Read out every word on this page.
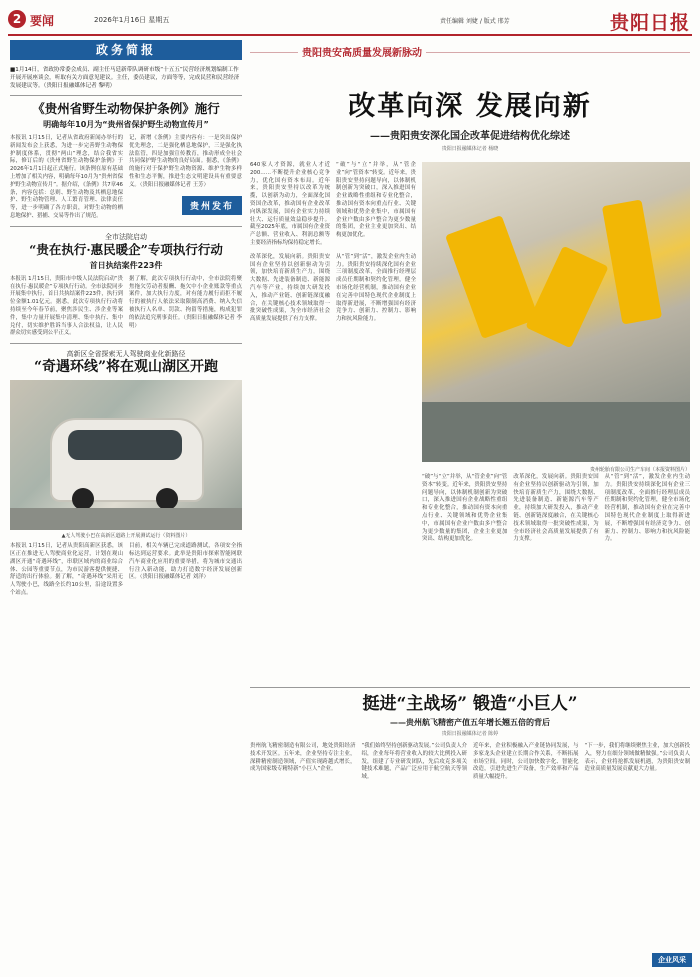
2 要闻	2026年1月16日 星期五	责任编辑 刘婕 / 版式 邢芳	贵阳日报
政务简报
■1月14日，省政协常委会成员、副主任马廷新带队调研市级“十五五”民营经济规划编制工作开展开展座谈会，听取有关方面意见建议。主任，委员建议，方面等等，完成民营和民营经济发展建议等。（贵阳日报融媒体记者 黎明）
《贵州省野生动物保护条例》施行
明确每年10月为“贵州省保护野生动物宣传月”
本报讯 1月15日，记者从省政府新闻办举行的新闻发布会上获悉，为进一步完善野生动物保护制度体系，贯彻“两山”理念，结合我省实际，修订后的《贵州省野生动物保护条例》于2026年1月1日起正式施行。该条例在原有基础上增加了相关内容，明确每年10月为“贵州省保护野生动物宣传月”。据介绍，《条例》共7章46条，内容包括：总则、野生动物及其栖息地保护、野生动物管理、人工繁育管理、法律责任等，进一步明确了各方职责，对野生动物的栖息地保护、猎捕、交易等作出了规范。
记，新增《条例》主要内容有：一是突出保护优先理念，二是强化栖息地保护，三是强化执法监管，四是加强宣传教育，推动形成全社会共同保护野生动物的良好局面。据悉，《条例》的施行对于保护野生动物资源、维护生物多样性和生态平衡，推进生态文明建设具有重要意义。（贵阳日报融媒体记者 王芳）
贵州发布
全市法院启动
“贵在执行·惠民暖企”专项执行行动
首日执结案件223件
本报讯 1月15日，贵阳市中级人民法院启动“贵在执行·惠民暖企”专项执行行动。全市法院同步开展集中执行，首日共执结案件223件，执行到位金额1.01亿元。据悉，此次专项执行行动将持续至今年春节前，聚焦涉民生、涉企业等案件，集中力量开展集中清理、集中执行、集中兑付，切实维护胜诉当事人合法权益，让人民群众切实感受到公平正义。
据了解，此次专项执行行动中，全市法院将聚焦拖欠劳动者报酬、拖欠中小企业账款等重点案件，加大执行力度，对有能力履行而拒不履行的被执行人依法采取限制高消费、纳入失信被执行人名单、罚款、拘留等措施，构成犯罪的依法追究刑事责任。（贵阳日报融媒体记者 李明）
高新区全省探索无人驾驶商业化新路径
“奇遇环线”将在观山湖区开跑
▲无人驾驶小巴在高新区道路上开展测试运行（资料图片）
本报讯 1月15日，记者从贵阳高新区获悉，该区正在推进无人驾驶商业化运营，计划在观山湖区开通“奇遇环线”，串联区域内的商业综合体、公园等重要节点，为市民游客提供便捷、舒适的出行体验。据了解，“奇遇环线”采用无人驾驶小巴，线路全长约10公里，沿途设置多个站点。
目前，相关车辆已完成道路测试，各项安全指标达到运营要求。此举是贵阳市探索智能网联汽车商业化应用的重要举措，将为城市交通出行注入新动能，助力打造数字经济发展创新区。（贵阳日报融媒体记者 刘洋）
贵阳贵安高质量发展新脉动
改革向深 发展向新
——贵阳贵安深化国企改革促进结构优化综述
贵阳日报融媒体记者 杨晓
640家人才资源，就业人才近200……不断提升企业核心竞争力，优化国有资本布局。近年来，贵阳贵安坚持以改革为统揽，以创新为动力，全面深化国资国企改革，推动国有企业改革向纵深发展，国有企业实力持续壮大、运行质量效益稳步提升。截至2025年底，市属国有企业资产总额、营业收入、利润总额等主要经济指标均保持稳定增长。
“破”与“立”并举，从“管企业”向“管资本”转变。近年来，贵阳贵安坚持问题导向，以体制机制创新为突破口，深入推进国有企业战略性重组和专业化整合，推动国有资本向重点行业、关键领域和优势企业集中，市属国有企业户数由多户整合为更少数量的集团，企业主业更加突出、结构更加优化。
改革深化，发展向新。贵阳贵安国有企业坚持以创新驱动为引领，加快培育新质生产力，围绕大数据、先进装备制造、新能源汽车等产业，持续加大研发投入，推动产业链、创新链深度融合，在关键核心技术领域取得一批突破性成果，为全市经济社会高质量发展提供了有力支撑。
从“管”到“活”，激发企业内生动力。贵阳贵安持续深化国有企业三项制度改革，全面推行经理层成员任期制和契约化管理，健全市场化经营机制，推动国有企业在完善中国特色现代企业制度上取得新进展，不断增强国有经济竞争力、创新力、控制力、影响力和抗风险能力。
贵州轮胎有限公司生产车间（本报资料图片）
“破”与“立”并举，从“管企业”向“管资本”转变。近年来，贵阳贵安坚持问题导向，以体制机制创新为突破口，深入推进国有企业战略性重组和专业化整合，推动国有资本向重点行业、关键领域和优势企业集中，市属国有企业户数由多户整合为更少数量的集团，企业主业更加突出、结构更加优化。
改革深化，发展向新。贵阳贵安国有企业坚持以创新驱动为引领，加快培育新质生产力，围绕大数据、先进装备制造、新能源汽车等产业，持续加大研发投入，推动产业链、创新链深度融合，在关键核心技术领域取得一批突破性成果，为全市经济社会高质量发展提供了有力支撑。
从“管”到“活”，激发企业内生动力。贵阳贵安持续深化国有企业三项制度改革，全面推行经理层成员任期制和契约化管理，健全市场化经营机制，推动国有企业在完善中国特色现代企业制度上取得新进展，不断增强国有经济竞争力、创新力、控制力、影响力和抗风险能力。
挺进“主战场” 锻造“小巨人”
——贵州航飞精密产值五年增长翘五倍的背后
贵阳日报融媒体记者 陈婷
贵州航飞精密制造有限公司，地处贵阳经济技术开发区。五年来，企业坚持专注主业，深耕精密制造领域，产值实现跨越式增长，成为国家级专精特新“小巨人”企业。
“我们始终坚持创新驱动发展。”公司负责人介绍，企业每年将营业收入的较大比例投入研发，组建了专业研发团队，先后攻克多项关键技术难题，产品广泛应用于航空航天等领域。
近年来，企业积极融入产业链协同发展，与多家龙头企业建立长期合作关系，不断拓展市场空间。同时，公司加快数字化、智能化改造，引进先进生产设备，生产效率和产品质量大幅提升。
“下一步，我们将继续聚焦主业，加大创新投入，努力在细分领域做精做强。”公司负责人表示，企业将抢抓发展机遇，为贵阳贵安制造业高质量发展贡献更大力量。
企业风采
